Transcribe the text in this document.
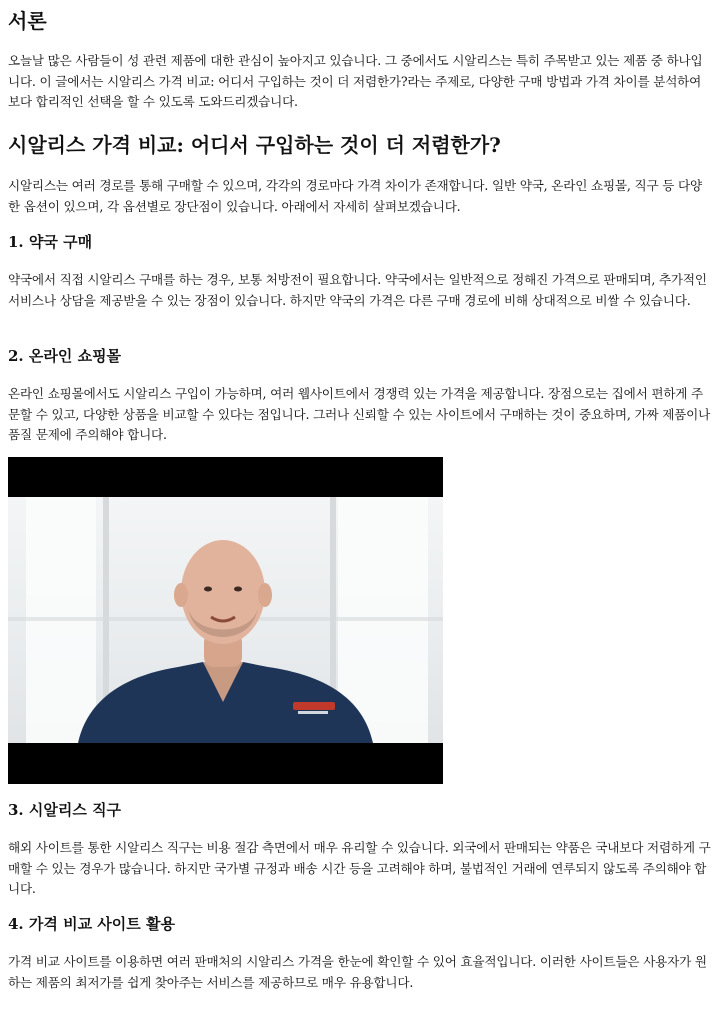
서론

오늘날 많은 사람들이 성 관련 제품에 대한 관심이 높아지고 있습니다. 그 중에서도 시알리스는 특히 주목받고 있는 제품 중 하나입니다. 이 글에서는 시알리스 가격 비교: 어디서 구입하는 것이 더 저렴한가?라는 주제로, 다양한 구매 방법과 가격 차이를 분석하여 보다 합리적인 선택을 할 수 있도록 도와드리겠습니다.

시알리스 가격 비교: 어디서 구입하는 것이 더 저렴한가?

시알리스는 여러 경로를 통해 구매할 수 있으며, 각각의 경로마다 가격 차이가 존재합니다. 일반 약국, 온라인 쇼핑몰, 직구 등 다양한 옵션이 있으며, 각 옵션별로 장단점이 있습니다. 아래에서 자세히 살펴보겠습니다.

1. 약국 구매

약국에서 직접 시알리스 구매를 하는 경우, 보통 처방전이 필요합니다. 약국에서는 일반적으로 정해진 가격으로 판매되며, 추가적인 서비스나 상담을 제공받을 수 있는 장점이 있습니다. 하지만 약국의 가격은 다른 구매 경로에 비해 상대적으로 비쌀 수 있습니다.

2. 온라인 쇼핑몰

온라인 쇼핑몰에서도 시알리스 구입이 가능하며, 여러 웹사이트에서 경쟁력 있는 가격을 제공합니다. 장점으로는 집에서 편하게 주문할 수 있고, 다양한 상품을 비교할 수 있다는 점입니다. 그러나 신뢰할 수 있는 사이트에서 구매하는 것이 중요하며, 가짜 제품이나 품질 문제에 주의해야 합니다.

3. 시알리스 직구

해외 사이트를 통한 시알리스 직구는 비용 절감 측면에서 매우 유리할 수 있습니다. 외국에서 판매되는 약품은 국내보다 저렴하게 구매할 수 있는 경우가 많습니다. 하지만 국가별 규정과 배송 시간 등을 고려해야 하며, 불법적인 거래에 연루되지 않도록 주의해야 합니다.

4. 가격 비교 사이트 활용

가격 비교 사이트를 이용하면 여러 판매처의 시알리스 가격을 한눈에 확인할 수 있어 효율적입니다. 이러한 사이트들은 사용자가 원하는 제품의 최저가를 쉽게 찾아주는 서비스를 제공하므로 매우 유용합니다.
